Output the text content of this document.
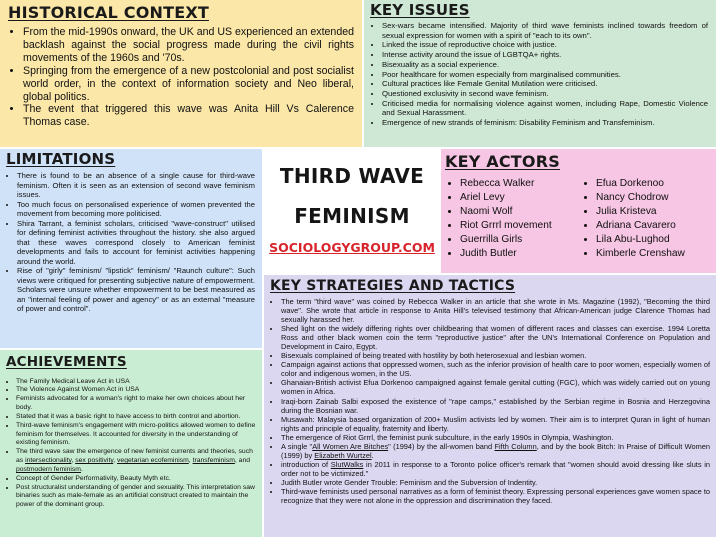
HISTORICAL CONTEXT
• From the mid-1990s onward, the UK and US experienced an extended backlash against the social progress made during the civil rights movements of the 1960s and '70s.
• Springing from the emergence of a new postcolonial and post socialist world order, in the context of information society and Neo liberal, global politics.
• The event that triggered this wave was Anita Hill Vs Calerence Thomas case.
KEY ISSUES
• Sex-wars became intensified. Majority of third wave feminists inclined towards freedom of sexual expression for women with a spirit of "each to its own".
• Linked the issue of reproductive choice with justice.
• Intense activity around the issue of LGBTQA+ rights.
• Bisexuality as a social experience.
• Poor healthcare for women especially from marginalised communities.
• Cultural practices like Female Genital Mutilation were criticised.
• Questioned exclusivity in second wave feminism.
• Criticised media for normalising violence against women, including Rape, Domestic Violence and Sexual Harassment.
• Emergence of new strands of feminism: Disability Feminism and Transfeminism.
LIMITATIONS
• There is found to be an absence of a single cause for third-wave feminism. Often it is seen as an extension of second wave feminism issues.
• Too much focus on personalised experience of women prevented the movement from becoming more politicised.
• Shira Tarrant, a feminist scholars, criticised "wave-construct" utilised for defining feminist activities throughout the history. she also argued that these waves correspond closely to American feminist developments and fails to account for feminist activities happening around the world.
• Rise of "girly" feminism/ "lipstick" feminism/ "Raunch culture": Such views were critiqued for presenting subjective nature of empowerment. Scholars were unsure whether empowerment to be best measured as an "internal feeling of power and agency" or as an external "measure of power and control".
THIRD WAVE
FEMINISM
SOCIOLOGYGROUP.COM
KEY ACTORS
• Rebecca Walker
• Ariel Levy
• Naomi Wolf
• Riot Grrrl movement
• Guerrilla Girls
• Judith Butler
• Efua Dorkenoo
• Nancy Chodrow
• Julia Kristeva
• Adriana Cavarero
• Lila Abu-Lughod
• Kimberle Crenshaw
KEY STRATEGIES AND TACTICS
• The term "third wave" was coined by Rebecca Walker in an article that she wrote in Ms. Magazine (1992), "Becoming the third wave". She wrote that article in response to Anita Hill's televised testimony that African-American judge Clarence Thomas had sexually harassed her.
• Shed light on the widely differing rights over childbearing that women of different races and classes can exercise. 1994 Loretta Ross and other black women coin the term "reproductive justice" after the UN's International Conference on Population and Development in Cairo, Egypt.
• Bisexuals complained of being treated with hostility by both heterosexual and lesbian women.
• Campaign against actions that oppressed women, such as the inferior provision of health care to poor women, especially women of color and indigenous women, in the US.
• Ghanaian-British activist Efua Dorkenoo campaigned against female genital cutting (FGC), which was widely carried out on young women in Africa.
• Iraqi-born Zainab Salbi exposed the existence of "rape camps," established by the Serbian regime in Bosnia and Herzegovina during the Bosnian war.
• Musawah: Malaysia based organization of 200+ Muslim activists led by women. Their aim is to interpret Quran in light of human rights and principle of equality, fraternity and liberty.
• The emergence of Riot Grrrl, the feminist punk subculture, in the early 1990s in Olympia, Washington.
• A single "All Women Are Bitches" (1994) by the all-women band Fifth Column, and by the book Bitch: In Praise of Difficult Women (1999) by Elizabeth Wurtzel.
• introduction of SlutWalks in 2011 in response to a Toronto police officer's remark that "women should avoid dressing like sluts in order not to be victimized."
• Judith Butler wrote Gender Trouble: Feminism and the Subversion of Indentity.
• Third-wave feminists used personal narratives as a form of feminist theory. Expressing personal experiences gave women space to recognize that they were not alone in the oppression and discrimination they faced.
ACHIEVEMENTS
• The Family Medical Leave Act in USA
• The Violence Against Women Act in USA
• Feminists advocated for a woman's right to make her own choices about her body.
• Stated that it was a basic right to have access to birth control and abortion.
• Third-wave feminism's engagement with micro-politics allowed women to define feminism for themselves. It accounted for diversity in the understanding of existing feminism.
• The third wave saw the emergence of new feminist currents and theories, such as intersectionality, sex positivity, vegetarian ecofeminism, transfeminism, and postmodern feminism.
• Concept of Gender Performativity, Beauty Myth etc.
• Post structuralist understanding of gender and sexuality. This interpretation saw binaries such as male-female as an artificial construct created to maintain the power of the dominant group.
